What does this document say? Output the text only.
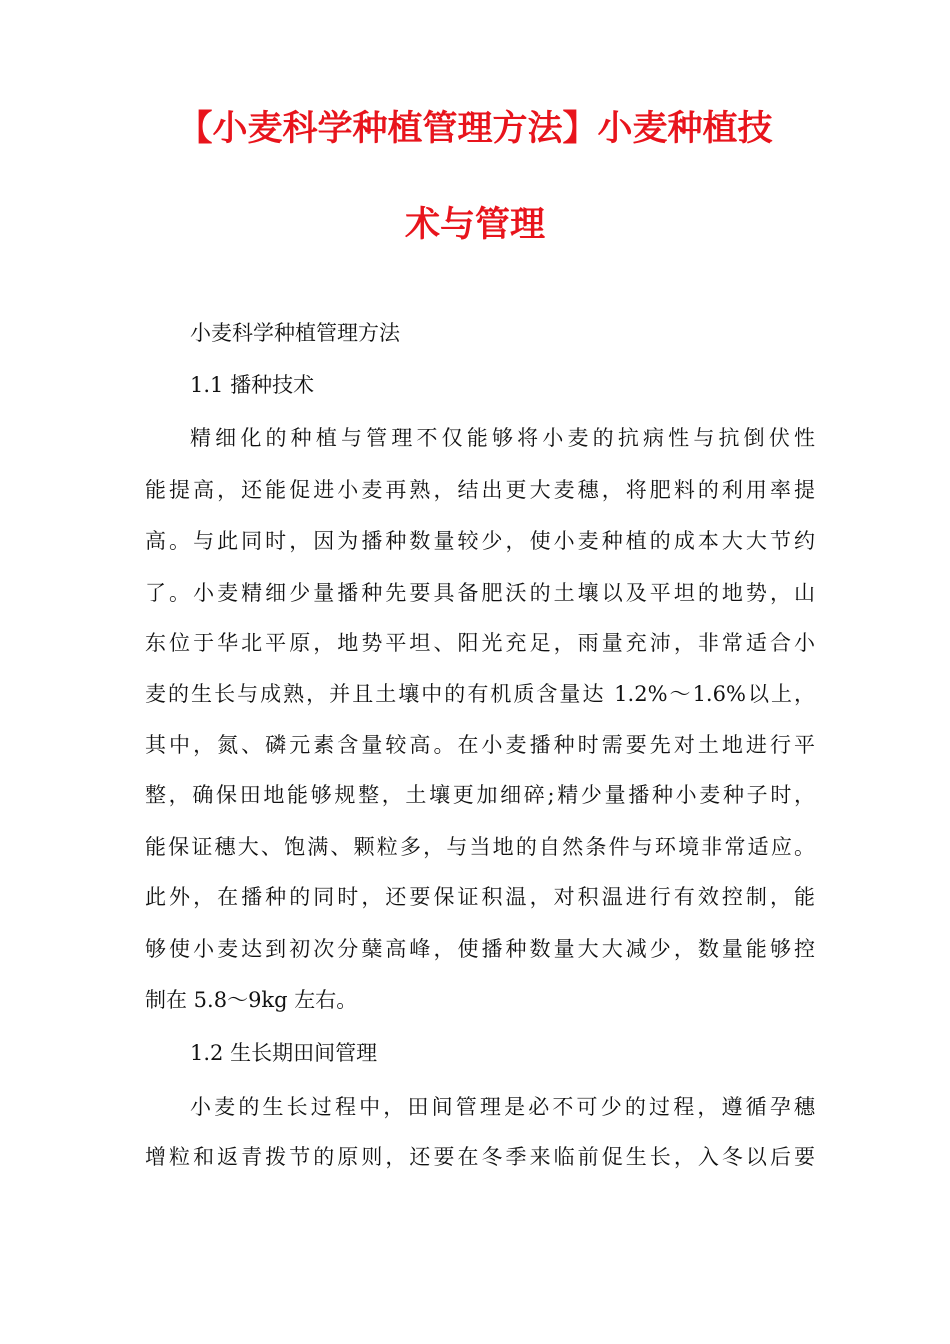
【小麦科学种植管理方法】小麦种植技
术与管理
小麦科学种植管理方法
1.1 播种技术
精细化的种植与管理不仅能够将小麦的抗病性与抗倒伏性
能提高，还能促进小麦再熟，结出更大麦穗，将肥料的利用率提
高。与此同时，因为播种数量较少，使小麦种植的成本大大节约
了。小麦精细少量播种先要具备肥沃的土壤以及平坦的地势，山
东位于华北平原，地势平坦、阳光充足，雨量充沛，非常适合小
麦的生长与成熟，并且土壤中的有机质含量达 1.2%～1.6%以上，
其中，氮、磷元素含量较高。在小麦播种时需要先对土地进行平
整，确保田地能够规整，土壤更加细碎;精少量播种小麦种子时，
能保证穗大、饱满、颗粒多，与当地的自然条件与环境非常适应。
此外，在播种的同时，还要保证积温，对积温进行有效控制，能
够使小麦达到初次分蘖高峰，使播种数量大大减少，数量能够控
制在 5.8～9kg 左右。
1.2 生长期田间管理
小麦的生长过程中，田间管理是必不可少的过程，遵循孕穗
增粒和返青拨节的原则，还要在冬季来临前促生长，入冬以后要
